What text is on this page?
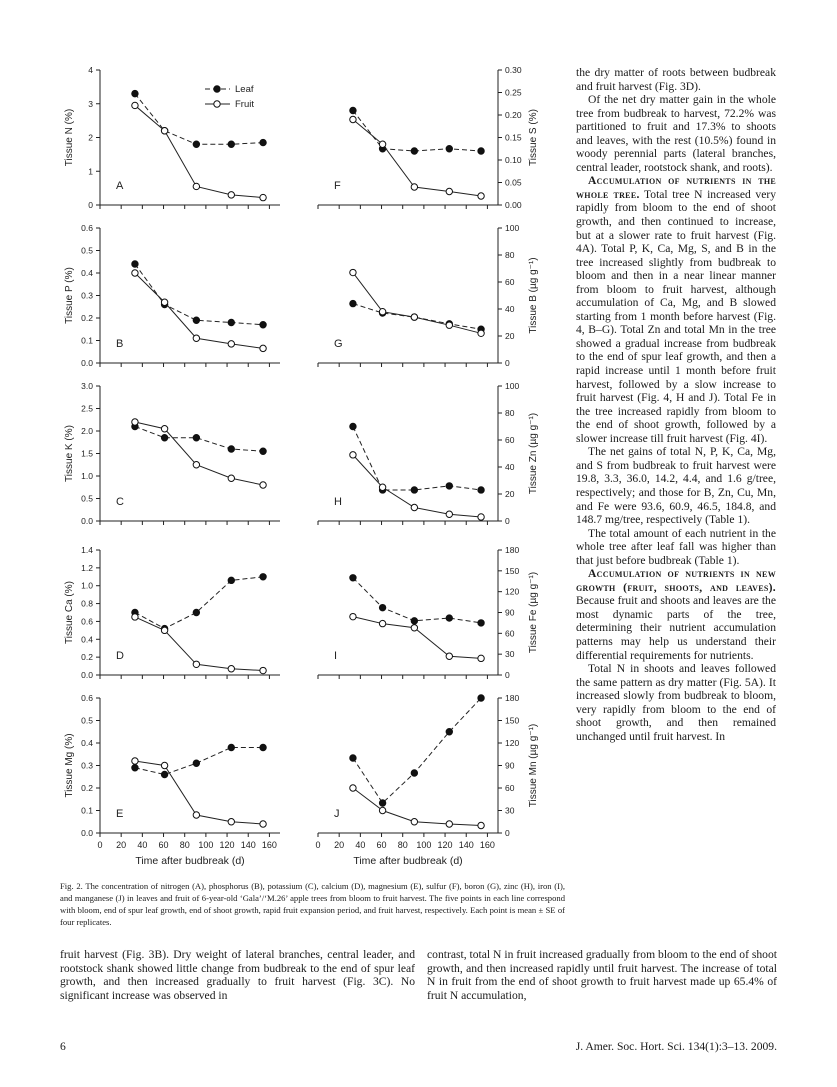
0
1
2
3
4
Tissue N (%)
A
0.00
0.05
0.10
0.15
0.20
0.25
0.30
Tissue S (%)
F
0.0
0.1
0.2
0.3
0.4
0.5
0.6
Tissue P (%)
B
0
20
40
60
80
100
Tissue B (µg g⁻¹)
G
0.0
0.5
1.0
1.5
2.0
2.5
3.0
Tissue K (%)
C
0
20
40
60
80
100
Tissue Zn (µg g⁻¹)
H
0.0
0.2
0.4
0.6
0.8
1.0
1.2
1.4
Tissue Ca (%)
D
0
30
60
90
120
150
180
Tissue Fe (µg g⁻¹)
I
0.0
0.1
0.2
0.3
0.4
0.5
0.6
0 20 40 60 80 100 120 140 160
Tissue Mg (%)
E
0
30
60
90
120
150
180
0 20 40 60 80 100 120 140 160
Tissue Mn (µg g⁻¹)
J
Leaf
Fruit
Time after budbreak (d)	Time after budbreak (d)
Fig. 2. The concentration of nitrogen (A), phosphorus (B), potassium (C), calcium (D), magnesium (E), sulfur (F), boron (G), zinc (H), iron (I), and manganese (J) in leaves and fruit of 6-year-old ‘Gala’/‘M.26’ apple trees from bloom to fruit harvest. The five points in each line correspond with bloom, end of spur leaf growth, end of shoot growth, rapid fruit expansion period, and fruit harvest, respectively. Each point is mean ± SE of four replicates.

the dry matter of roots between budbreak and fruit harvest (Fig. 3D).

Of the net dry matter gain in the whole tree from budbreak to harvest, 72.2% was partitioned to fruit and 17.3% to shoots and leaves, with the rest (10.5%) found in woody perennial parts (lateral branches, central leader, rootstock shank, and roots).

Accumulation of nutrients in the whole tree. Total tree N increased very rapidly from bloom to the end of shoot growth, and then continued to increase, but at a slower rate to fruit harvest (Fig. 4A). Total P, K, Ca, Mg, S, and B in the tree increased slightly from budbreak to bloom and then in a near linear manner from bloom to fruit harvest, although accumulation of Ca, Mg, and B slowed starting from 1 month before harvest (Fig. 4, B–G). Total Zn and total Mn in the tree showed a gradual increase from budbreak to the end of spur leaf growth, and then a rapid increase until 1 month before fruit harvest, followed by a slow increase to fruit harvest (Fig. 4, H and J). Total Fe in the tree increased rapidly from bloom to the end of shoot growth, followed by a slower increase till fruit harvest (Fig. 4I).

The net gains of total N, P, K, Ca, Mg, and S from budbreak to fruit harvest were 19.8, 3.3, 36.0, 14.2, 4.4, and 1.6 g/tree, respectively; and those for B, Zn, Cu, Mn, and Fe were 93.6, 60.9, 46.5, 184.8, and 148.7 mg/tree, respectively (Table 1).

The total amount of each nutrient in the whole tree after leaf fall was higher than that just before budbreak (Table 1).

Accumulation of nutrients in new growth (fruit, shoots, and leaves). Because fruit and shoots and leaves are the most dynamic parts of the tree, determining their nutrient accumulation patterns may help us understand their differential requirements for nutrients.

Total N in shoots and leaves followed the same pattern as dry matter (Fig. 5A). It increased slowly from budbreak to bloom, very rapidly from bloom to the end of shoot growth, and then remained unchanged until fruit harvest. In

fruit harvest (Fig. 3B). Dry weight of lateral branches, central leader, and rootstock shank showed little change from budbreak to the end of spur leaf growth, and then increased gradually to fruit harvest (Fig. 3C). No significant increase was observed in
contrast, total N in fruit increased gradually from bloom to the end of shoot growth, and then increased rapidly until fruit harvest. The increase of total N in fruit from the end of shoot growth to fruit harvest made up 65.4% of fruit N accumulation,
6	J. Amer. Soc. Hort. Sci. 134(1):3–13. 2009.
